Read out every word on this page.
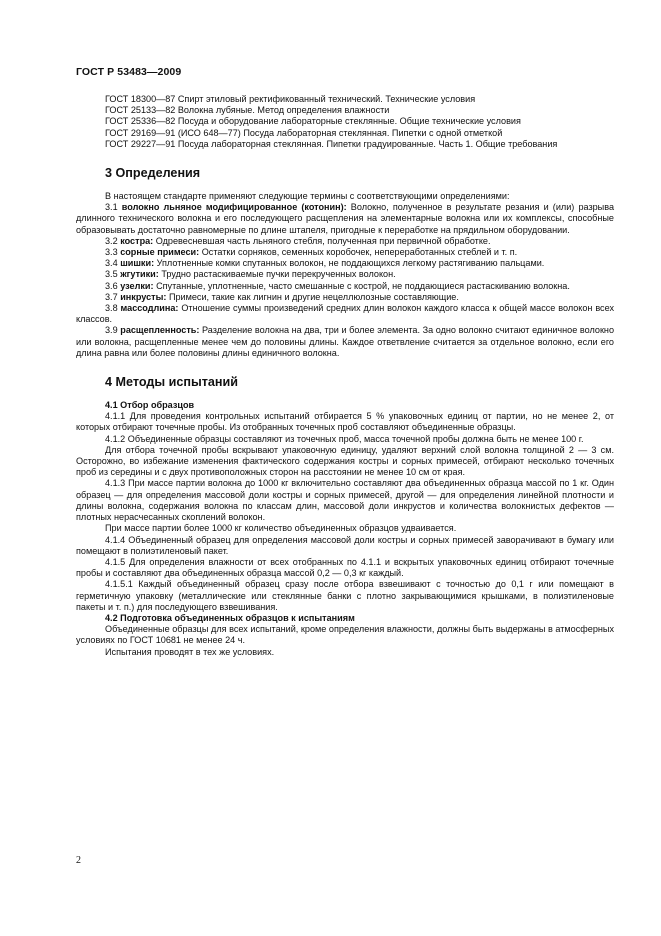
ГОСТ Р 53483—2009

ГОСТ 18300—87 Спирт этиловый ректификованный технический. Технические условия

ГОСТ 25133—82 Волокна лубяные. Метод определения влажности

ГОСТ 25336—82 Посуда и оборудование лабораторные стеклянные. Общие технические условия

ГОСТ 29169—91 (ИСО 648—77) Посуда лабораторная стеклянная. Пипетки с одной отметкой

ГОСТ 29227—91 Посуда лабораторная стеклянная. Пипетки градуированные. Часть 1. Общие требования

3 Определения

В настоящем стандарте применяют следующие термины с соответствующими определениями:

3.1 волокно льняное модифицированное (котонин): Волокно, полученное в результате резания и (или) разрыва длинного технического волокна и его последующего расщепления на элементарные волокна или их комплексы, способные образовывать достаточно равномерные по длине штапеля, пригодные к переработке на прядильном оборудовании.

3.2 костра: Одревесневшая часть льняного стебля, полученная при первичной обработке.

3.3 сорные примеси: Остатки сорняков, семенных коробочек, непереработанных стеблей и т. п.

3.4 шишки: Уплотненные комки спутанных волокон, не поддающихся легкому растягиванию пальцами.

3.5 жгутики: Трудно растаскиваемые пучки перекрученных волокон.

3.6 узелки: Спутанные, уплотненные, часто смешанные с кострой, не поддающиеся растаскиванию волокна.

3.7 инкрусты: Примеси, такие как лигнин и другие нецеллюлозные составляющие.

3.8 массодлина: Отношение суммы произведений средних длин волокон каждого класса к общей массе волокон всех классов.

3.9 расщепленность: Разделение волокна на два, три и более элемента. За одно волокно считают единичное волокно или волокна, расщепленные менее чем до половины длины. Каждое ответвление считается за отдельное волокно, если его длина равна или более половины длины единичного волокна.

4 Методы испытаний

4.1 Отбор образцов

4.1.1 Для проведения контрольных испытаний отбирается 5 % упаковочных единиц от партии, но не менее 2, от которых отбирают точечные пробы. Из отобранных точечных проб составляют объединенные образцы.

4.1.2 Объединенные образцы составляют из точечных проб, масса точечной пробы должна быть не менее 100 г.

Для отбора точечной пробы вскрывают упаковочную единицу, удаляют верхний слой волокна толщиной 2 — 3 см. Осторожно, во избежание изменения фактического содержания костры и сорных примесей, отбирают несколько точечных проб из середины и с двух противоположных сторон на расстоянии не менее 10 см от края.

4.1.3 При массе партии волокна до 1000 кг включительно составляют два объединенных образца массой по 1 кг. Один образец — для определения массовой доли костры и сорных примесей, другой — для определения линейной плотности и длины волокна, содержания волокна по классам длин, массовой доли инкрустов и количества волокнистых дефектов — плотных нерасчесанных скоплений волокон.

При массе партии более 1000 кг количество объединенных образцов удваивается.

4.1.4 Объединенный образец для определения массовой доли костры и сорных примесей заворачивают в бумагу или помещают в полиэтиленовый пакет.

4.1.5 Для определения влажности от всех отобранных по 4.1.1 и вскрытых упаковочных единиц отбирают точечные пробы и составляют два объединенных образца массой 0,2 — 0,3 кг каждый.

4.1.5.1 Каждый объединенный образец сразу после отбора взвешивают с точностью до 0,1 г или помещают в герметичную упаковку (металлические или стеклянные банки с плотно закрывающимися крышками, в полиэтиленовые пакеты и т. п.) для последующего взвешивания.

4.2 Подготовка объединенных образцов к испытаниям

Объединенные образцы для всех испытаний, кроме определения влажности, должны быть выдержаны в атмосферных условиях по ГОСТ 10681 не менее 24 ч.

Испытания проводят в тех же условиях.

2
